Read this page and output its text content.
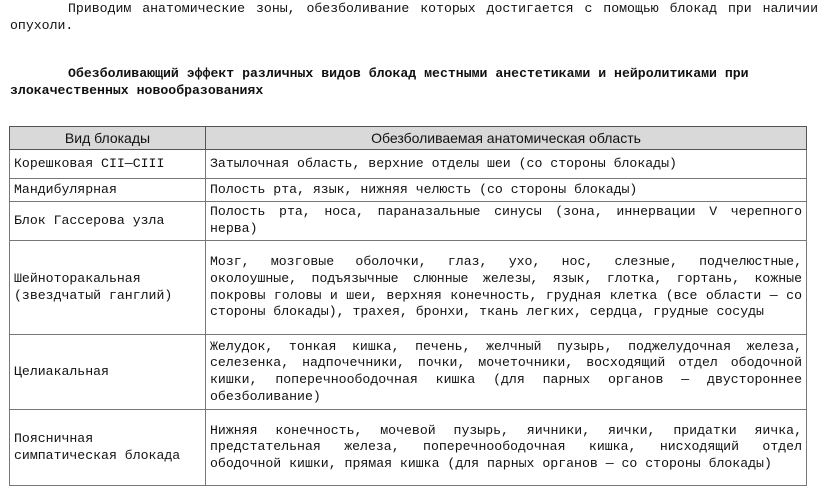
Приводим анатомические зоны, обезболивание которых достигается с помощью блокад при наличии опухоли.
Обезболивающий эффект различных видов блокад местными анестетиками и нейролитиками при злокачественных новообразованиях
Вид блокады	Обезболиваемая анатомическая область
Корешковая CII—CIII	Затылочная область, верхние отделы шеи (со стороны блокады)
Мандибулярная	Полость рта, язык, нижняя челюсть (со стороны блокады)
Блок Гассерова узла	Полость рта, носа, параназальные синусы (зона, иннервации V черепного нерва)
Шейноторакальная (звездчатый ганглий)	Мозг, мозговые оболочки, глаз, ухо, нос, слезные, подчелюстные, околоушные, подъязычные слюнные железы, язык, глотка, гортань, кожные покровы головы и шеи, верхняя конечность, грудная клетка (все области — со стороны блокады), трахея, бронхи, ткань легких, сердца, грудные сосуды
Целиакальная	Желудок, тонкая кишка, печень, желчный пузырь, поджелудочная железа, селезенка, надпочечники, почки, мочеточники, восходящий отдел ободочной кишки, поперечноободочная кишка (для парных органов — двустороннее обезболивание)
Поясничная симпатическая блокада	Нижняя конечность, мочевой пузырь, яичники, яички, придатки яичка, предстательная железа, поперечноободочная кишка, нисходящий отдел ободочной кишки, прямая кишка (для парных органов — со стороны блокады)
